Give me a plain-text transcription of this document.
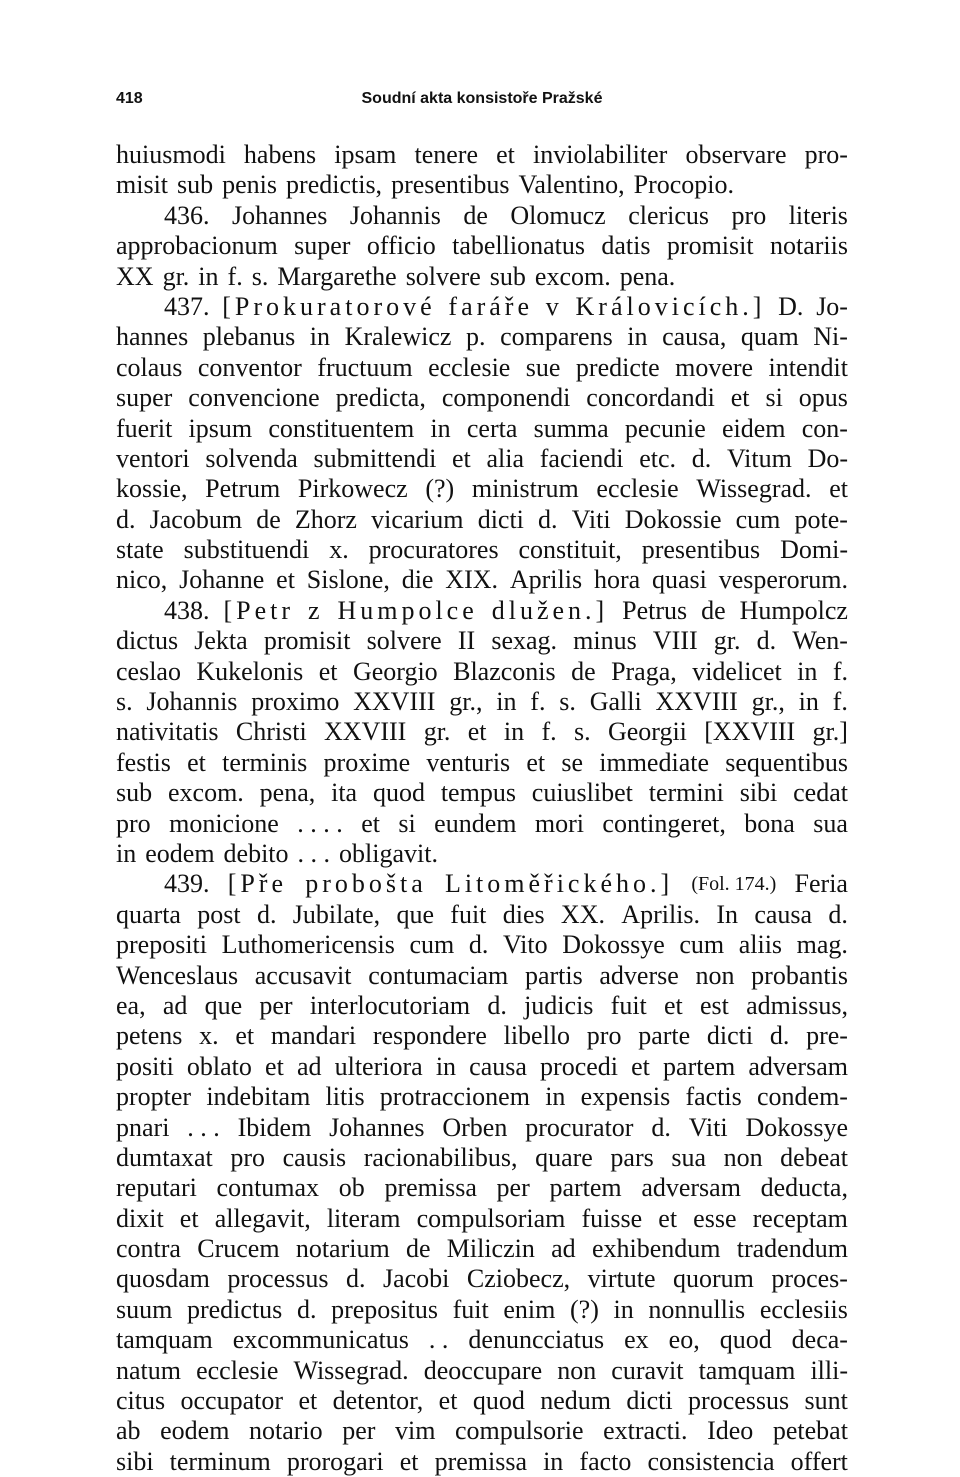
418	Soudní akta konsistoře Pražské
huiusmodi habens ipsam tenere et inviolabiliter observare pro-
misit sub penis predictis, presentibus Valentino, Procopio.
436. Johannes Johannis de Olomucz clericus pro literis
approbacionum super officio tabellionatus datis promisit notariis
XX gr. in f. s. Margarethe solvere sub excom. pena.
437. [Prokuratorové faráře v Královicích.] D. Jo-
hannes plebanus in Kralewicz p. comparens in causa, quam Ni-
colaus conventor fructuum ecclesie sue predicte movere intendit
super convencione predicta, componendi concordandi et si opus
fuerit ipsum constituentem in certa summa pecunie eidem con-
ventori solvenda submittendi et alia faciendi etc. d. Vitum Do-
kossie, Petrum Pirkowecz (?) ministrum ecclesie Wissegrad. et
d. Jacobum de Zhorz vicarium dicti d. Viti Dokossie cum pote-
state substituendi x. procuratores constituit, presentibus Domi-
nico, Johanne et Sislone, die XIX. Aprilis hora quasi vesperorum.
438. [Petr z Humpolce dlužen.] Petrus de Humpolcz
dictus Jekta promisit solvere II sexag. minus VIII gr. d. Wen-
ceslao Kukelonis et Georgio Blazconis de Praga, videlicet in f.
s. Johannis proximo XXVIII gr., in f. s. Galli XXVIII gr., in f.
nativitatis Christi XXVIII gr. et in f. s. Georgii [XXVIII gr.]
festis et terminis proxime venturis et se immediate sequentibus
sub excom. pena, ita quod tempus cuiuslibet termini sibi cedat
pro monicione . . . . et si eundem mori contingeret, bona sua
in eodem debito . . . obligavit.
439. [Pře probošta Litoměřického.] (Fol. 174.) Feria
quarta post d. Jubilate, que fuit dies XX. Aprilis. In causa d.
prepositi Luthomericensis cum d. Vito Dokossye cum aliis mag.
Wenceslaus accusavit contumaciam partis adverse non probantis
ea, ad que per interlocutoriam d. judicis fuit et est admissus,
petens x. et mandari respondere libello pro parte dicti d. pre-
positi oblato et ad ulteriora in causa procedi et partem adversam
propter indebitam litis protraccionem in expensis factis condem-
pnari . . . Ibidem Johannes Orben procurator d. Viti Dokossye
dumtaxat pro causis racionabilibus, quare pars sua non debeat
reputari contumax ob premissa per partem adversam deducta,
dixit et allegavit, literam compulsoriam fuisse et esse receptam
contra Crucem notarium de Miliczin ad exhibendum tradendum
quosdam processus d. Jacobi Cziobecz, virtute quorum proces-
suum predictus d. prepositus fuit enim (?) in nonnullis ecclesiis
tamquam excommunicatus . . denuncciatus ex eo, quod deca-
natum ecclesie Wissegrad. deoccupare non curavit tamquam illi-
citus occupator et detentor, et quod nedum dicti processus sunt
ab eodem notario per vim compulsorie extracti. Ideo petebat
sibi terminum prorogari et premissa in facto consistencia offert
